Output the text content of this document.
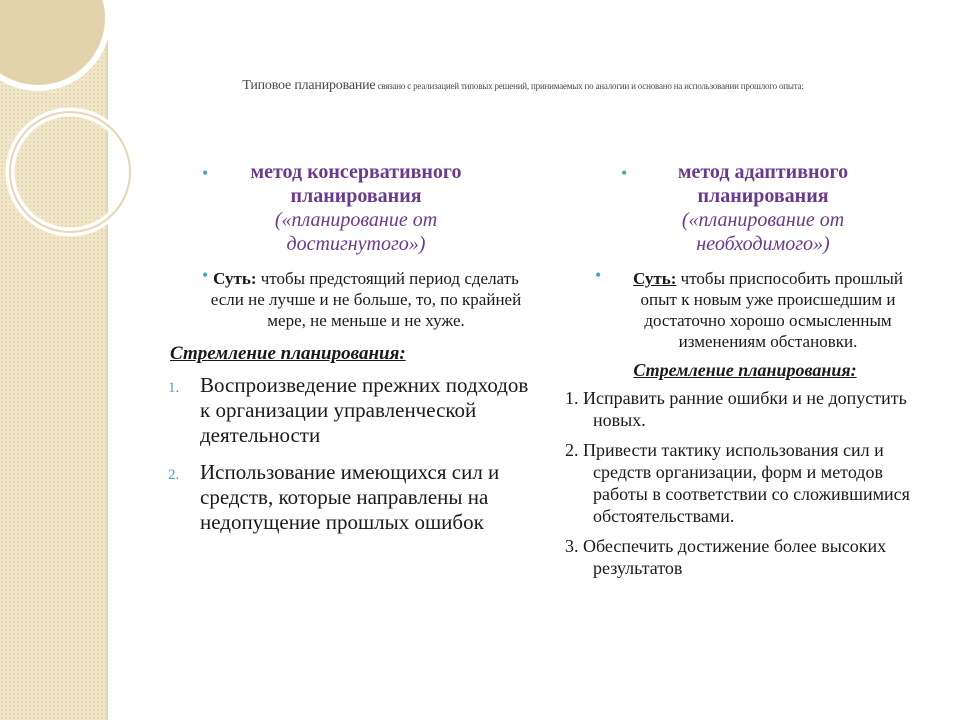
Типовое планирование связано с реализацией типовых решений, принимаемых по аналогии и основано на использовании прошлого опыта:
•	метод консервативного планирования
(«планирование от достигнутого»)
• Суть: чтобы предстоящий период сделать если не лучше и не больше, то, по крайней мере, не меньше и не хуже.
Стремление планирования:
1. Воспроизведение прежних подходов к организации управленческой деятельности
2. Использование имеющихся сил и средств, которые направлены на недопущение прошлых ошибок
•	метод адаптивного планирования
(«планирование от необходимого»)
• Суть: чтобы приспособить прошлый опыт к новым уже происшедшим и достаточно хорошо осмысленным изменениям обстановки.
Стремление планирования:
1. Исправить ранние ошибки и не допустить новых.
2. Привести тактику использования сил и средств организации, форм и методов работы в соответствии со сложившимися обстоятельствами.
3. Обеспечить достижение более высоких результатов
